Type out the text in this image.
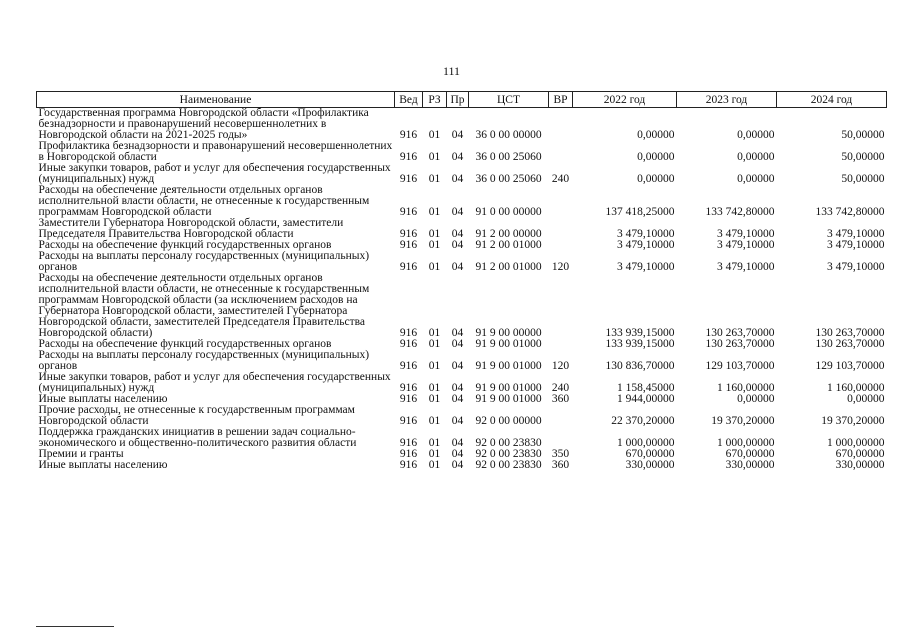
111
Наименование	Вед	РЗ	Пр	ЦСТ	ВР	2022 год	2023 год	2024 год
Государственная программа Новгородской области «Профилактика безнадзорности и правонарушений несовершеннолетних в Новгородской области на 2021-2025 годы»	916	01	04	36 0 00 00000		0,00000	0,00000	50,00000
Профилактика безнадзорности и правонарушений несовершеннолетних в Новгородской области	916	01	04	36 0 00 25060		0,00000	0,00000	50,00000
Иные закупки товаров, работ и услуг для обеспечения государственных (муниципальных) нужд	916	01	04	36 0 00 25060	240	0,00000	0,00000	50,00000
Расходы на обеспечение деятельности отдельных органов исполнительной власти области, не отнесенные к государственным программам Новгородской области	916	01	04	91 0 00 00000		137 418,25000	133 742,80000	133 742,80000
Заместители Губернатора Новгородской области, заместители Председателя Правительства Новгородской области	916	01	04	91 2 00 00000		3 479,10000	3 479,10000	3 479,10000
Расходы на обеспечение функций государственных органов	916	01	04	91 2 00 01000		3 479,10000	3 479,10000	3 479,10000
Расходы на выплаты персоналу государственных (муниципальных) органов	916	01	04	91 2 00 01000	120	3 479,10000	3 479,10000	3 479,10000
Расходы на обеспечение деятельности отдельных органов исполнительной власти области, не отнесенные к государственным программам Новгородской области (за исключением расходов на Губернатора Новгородской области, заместителей Губернатора Новгородской области, заместителей Председателя Правительства Новгородской области)	916	01	04	91 9 00 00000		133 939,15000	130 263,70000	130 263,70000
Расходы на обеспечение функций государственных органов	916	01	04	91 9 00 01000		133 939,15000	130 263,70000	130 263,70000
Расходы на выплаты персоналу государственных (муниципальных) органов	916	01	04	91 9 00 01000	120	130 836,70000	129 103,70000	129 103,70000
Иные закупки товаров, работ и услуг для обеспечения государственных (муниципальных) нужд	916	01	04	91 9 00 01000	240	1 158,45000	1 160,00000	1 160,00000
Иные выплаты населению	916	01	04	91 9 00 01000	360	1 944,00000	0,00000	0,00000
Прочие расходы, не отнесенные к государственным программам Новгородской области	916	01	04	92 0 00 00000		22 370,20000	19 370,20000	19 370,20000
Поддержка гражданских инициатив в решении задач социально-экономического и общественно-политического развития области	916	01	04	92 0 00 23830		1 000,00000	1 000,00000	1 000,00000
Премии и гранты	916	01	04	92 0 00 23830	350	670,00000	670,00000	670,00000
Иные выплаты населению	916	01	04	92 0 00 23830	360	330,00000	330,00000	330,00000
